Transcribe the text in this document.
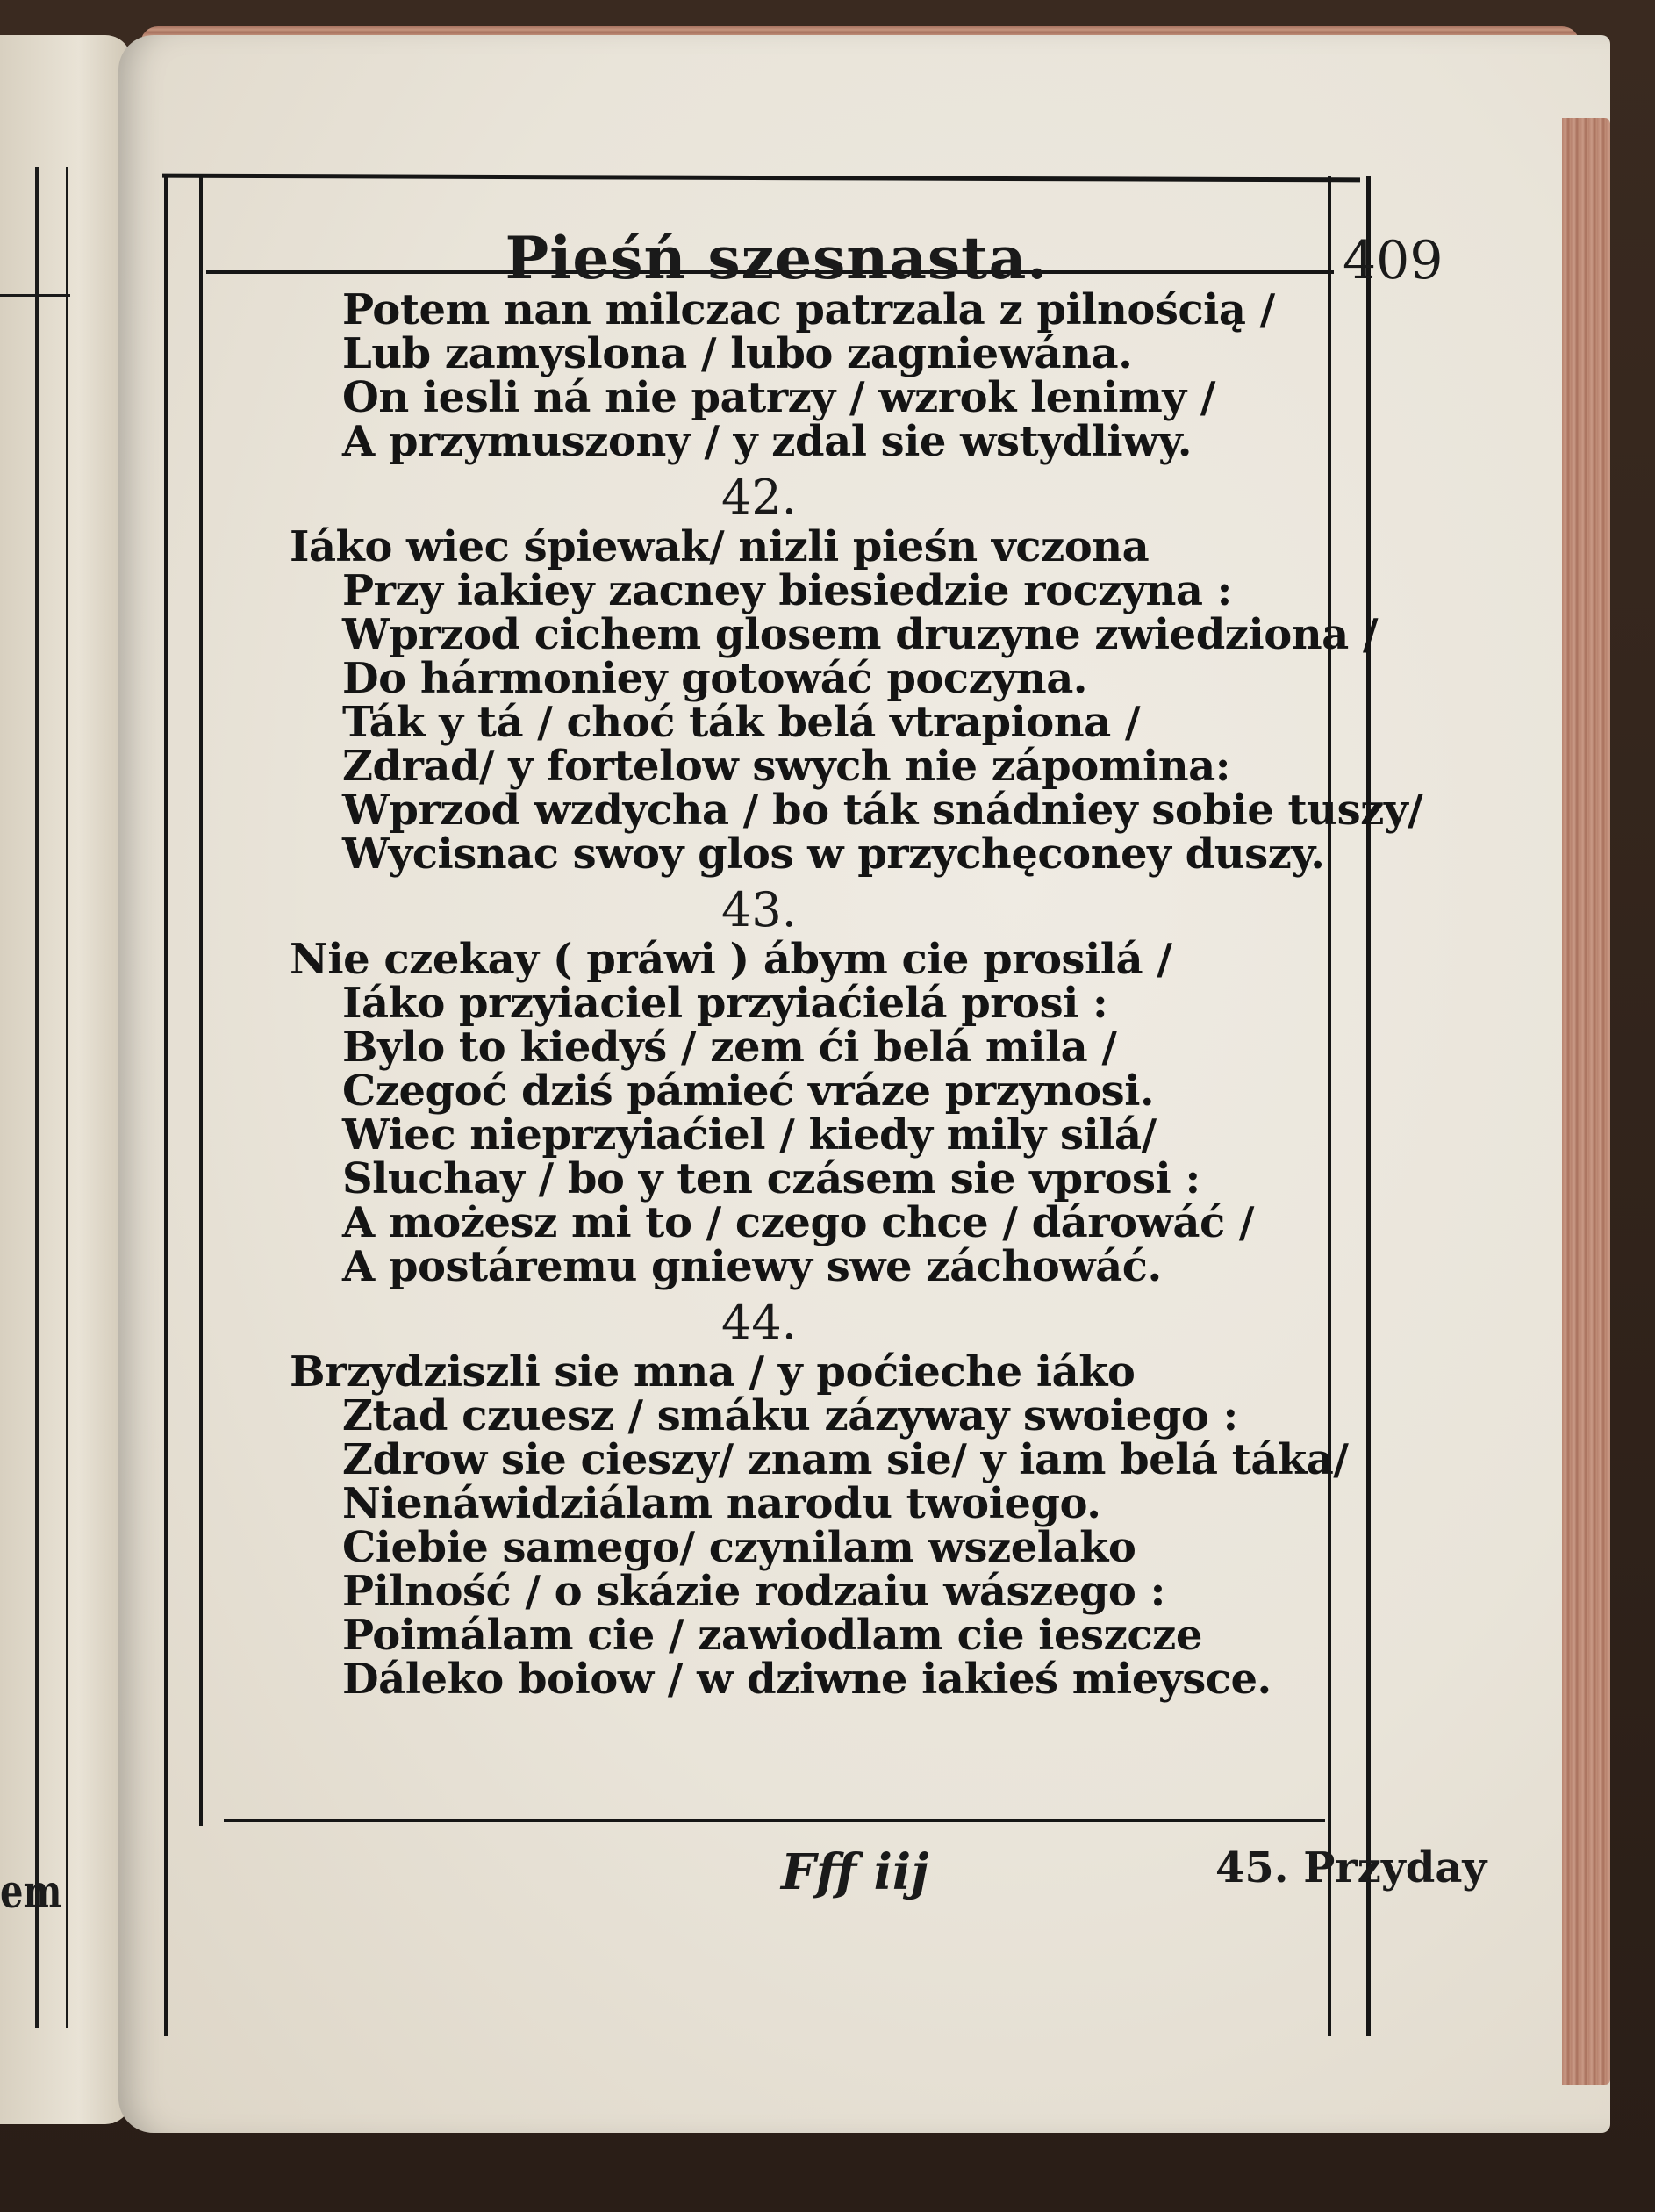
em
Pieśń szesnasta.	409
Potem nan milczac patrzala z pilnością /
Lub zamyslona / lubo zagniewána.
On iesli ná nie patrzy / wzrok lenimy /
A przymuszony / y zdal sie wstydliwy.
42.
Iáko wiec śpiewak/ nizli pieśn vczona
Przy iakiey zacney biesiedzie roczyna :
Wprzod cichem glosem druzyne zwiedziona /
Do hármoniey gotowáć poczyna.
Ták y tá / choć ták belá vtrapiona /
Zdrad/ y fortelow swych nie zápomina:
Wprzod wzdycha / bo ták snádniey sobie tuszy/
Wycisnac swoy glos w przychęconey duszy.
43.
Nie czekay ( práwi ) ábym cie prosilá /
Iáko przyiaciel przyiaćielá prosi :
Bylo to kiedyś / zem ći belá mila /
Czegoć dziś pámieć vráze przynosi.
Wiec nieprzyiaćiel / kiedy mily silá/
Sluchay / bo y ten czásem sie vprosi :
A możesz mi to / czego chce / dárowáć /
A postáremu gniewy swe záchowáć.
44.
Brzydziszli sie mna / y poćieche iáko
Ztad czuesz / smáku zázyway swoiego :
Zdrow sie cieszy/ znam sie/ y iam belá táka/
Nienáwidziálam narodu twoiego.
Ciebie samego/ czynilam wszelako
Pilność / o skázie rodzaiu wászego :
Poimálam cie / zawiodlam cie ieszcze
Dáleko boiow / w dziwne iakieś mieysce.
Fff iij	45. Przyday
